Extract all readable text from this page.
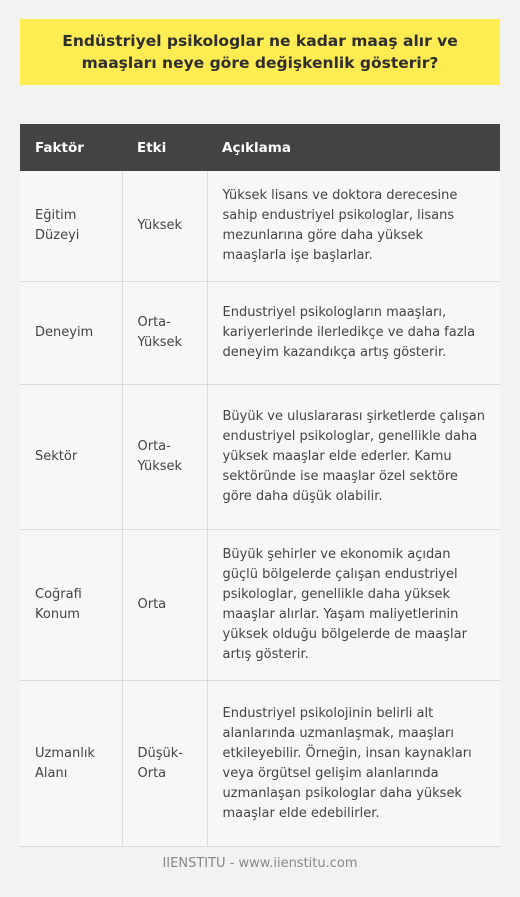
Endüstriyel psikologlar ne kadar maaş alır ve maaşları neye göre değişkenlik gösterir?
Faktör	Etki	Açıklama
Eğitim Düzeyi	Yüksek	Yüksek lisans ve doktora derecesine sahip endustriyel psikologlar, lisans mezunlarına göre daha yüksek maaşlarla işe başlarlar.
Deneyim	Orta-Yüksek	Endustriyel psikologların maaşları, kariyerlerinde ilerledikçe ve daha fazla deneyim kazandıkça artış gösterir.
Sektör	Orta-Yüksek	Büyük ve uluslararası şirketlerde çalışan endustriyel psikologlar, genellikle daha yüksek maaşlar elde ederler. Kamu sektöründe ise maaşlar özel sektöre göre daha düşük olabilir.
Coğrafi Konum	Orta	Büyük şehirler ve ekonomik açıdan güçlü bölgelerde çalışan endustriyel psikologlar, genellikle daha yüksek maaşlar alırlar. Yaşam maliyetlerinin yüksek olduğu bölgelerde de maaşlar artış gösterir.
Uzmanlık Alanı	Düşük-Orta	Endustriyel psikolojinin belirli alt alanlarında uzmanlaşmak, maaşları etkileyebilir. Örneğin, insan kaynakları veya örgütsel gelişim alanlarında uzmanlaşan psikologlar daha yüksek maaşlar elde edebilirler.
IIENSTITU - www.iienstitu.com
